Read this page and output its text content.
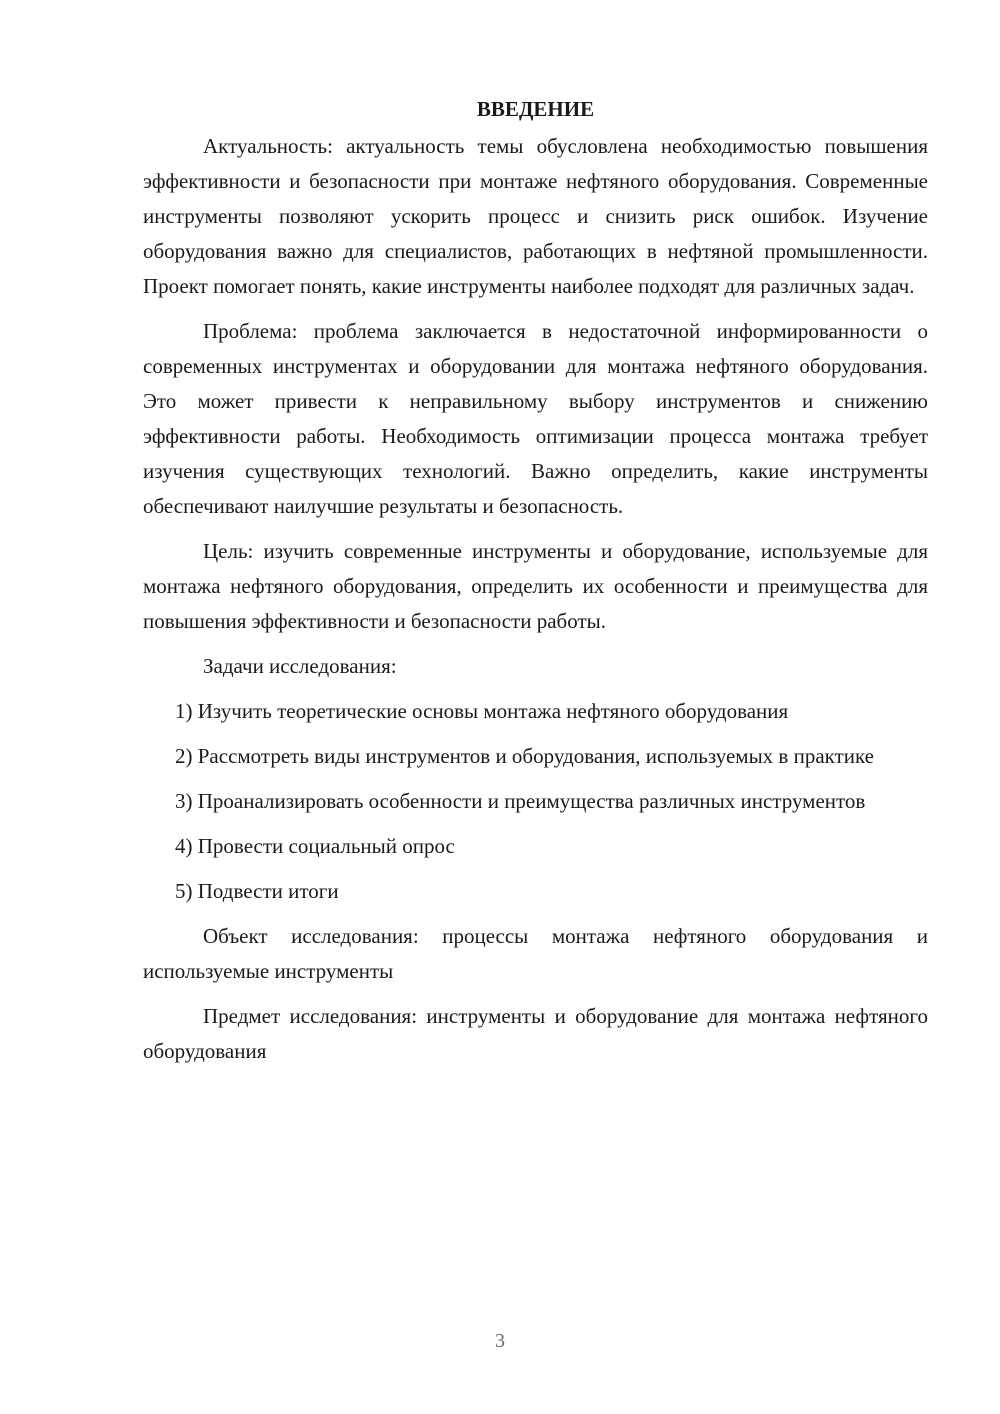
ВВЕДЕНИЕ

Актуальность: актуальность темы обусловлена необходимостью повышения эффективности и безопасности при монтаже нефтяного оборудования. Современные инструменты позволяют ускорить процесс и снизить риск ошибок. Изучение оборудования важно для специалистов, работающих в нефтяной промышленности. Проект помогает понять, какие инструменты наиболее подходят для различных задач.

Проблема: проблема заключается в недостаточной информированности о современных инструментах и оборудовании для монтажа нефтяного оборудования. Это может привести к неправильному выбору инструментов и снижению эффективности работы. Необходимость оптимизации процесса монтажа требует изучения существующих технологий. Важно определить, какие инструменты обеспечивают наилучшие результаты и безопасность.

Цель: изучить современные инструменты и оборудование, используемые для монтажа нефтяного оборудования, определить их особенности и преимущества для повышения эффективности и безопасности работы.

Задачи исследования:

1) Изучить теоретические основы монтажа нефтяного оборудования

2) Рассмотреть виды инструментов и оборудования, используемых в практике

3) Проанализировать особенности и преимущества различных инструментов

4) Провести социальный опрос

5) Подвести итоги

Объект исследования: процессы монтажа нефтяного оборудования и используемые инструменты

Предмет исследования: инструменты и оборудование для монтажа нефтяного оборудования

3
